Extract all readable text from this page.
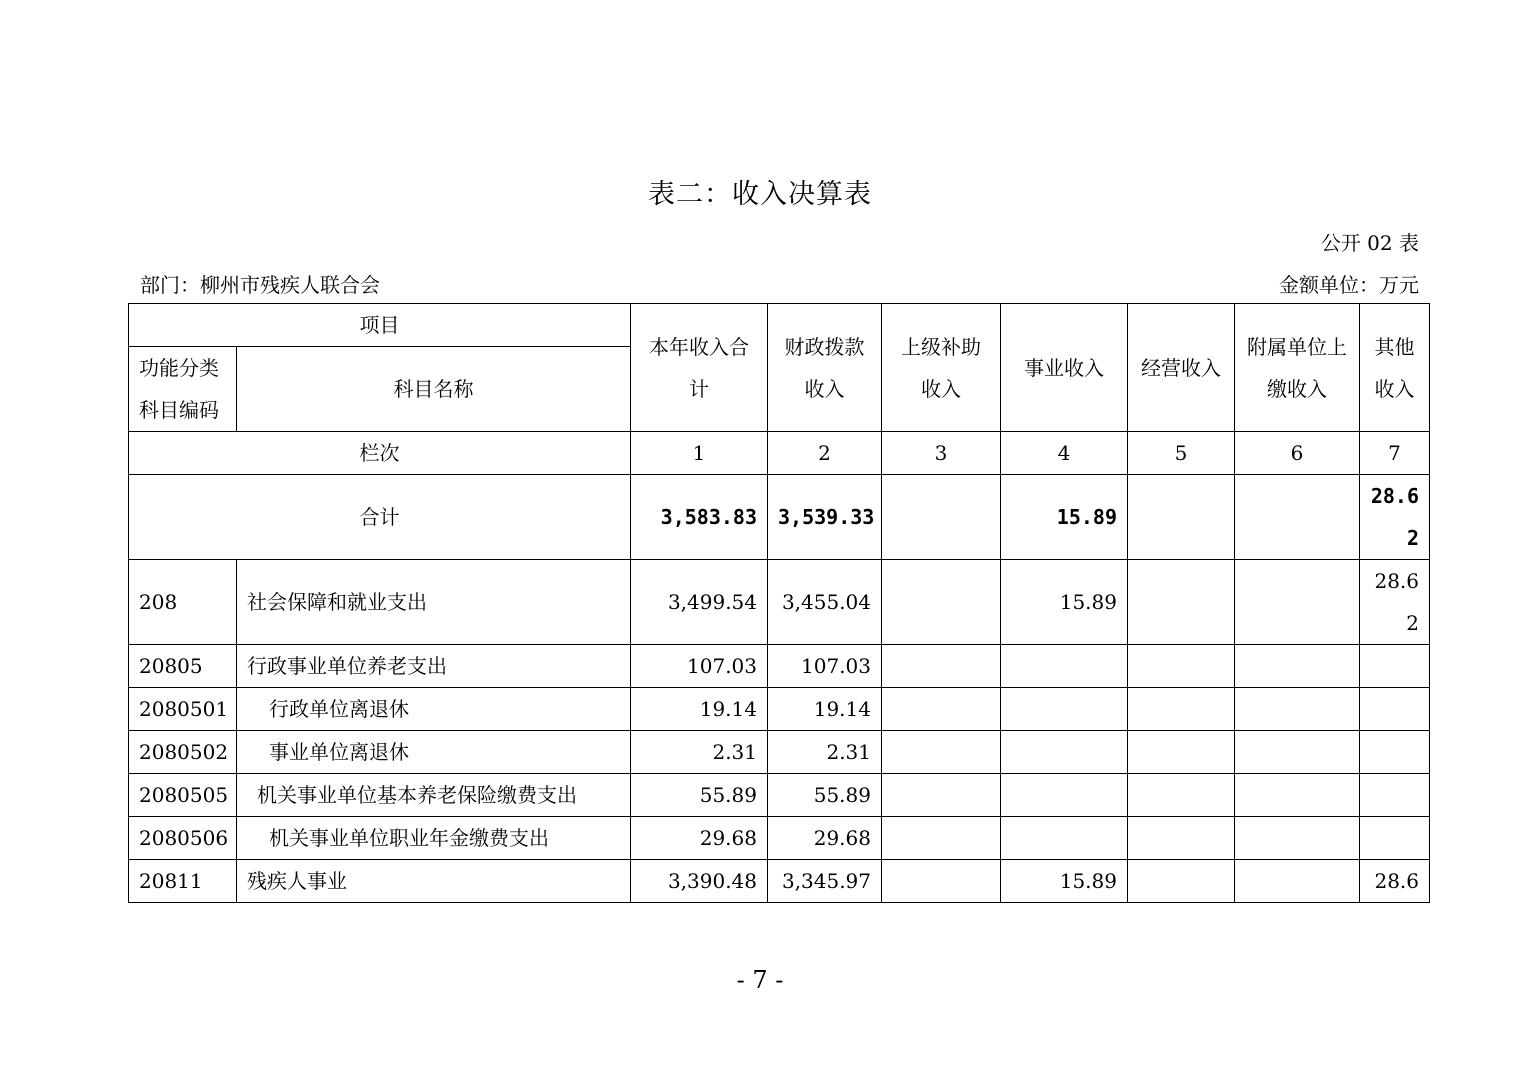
表二：收入决算表
公开 02 表
部门：柳州市残疾人联合会	金额单位：万元
项目		本年收入合计	财政拨款收入	上级补助收入	事业收入	经营收入	附属单位上缴收入	其他收入
功能分类科目编码	科目名称							
栏次		1	2	3	4	5	6	7
合计		3,583.83	3,539.33		15.89			28.62
208	社会保障和就业支出	3,499.54	3,455.04		15.89			28.62
20805	行政事业单位养老支出	107.03	107.03					
2080501	行政单位离退休	19.14	19.14					
2080502	事业单位离退休	2.31	2.31					
2080505	机关事业单位基本养老保险缴费支出	55.89	55.89					
2080506	机关事业单位职业年金缴费支出	29.68	29.68					
20811	残疾人事业	3,390.48	3,345.97		15.89			28.6
- 7 -
